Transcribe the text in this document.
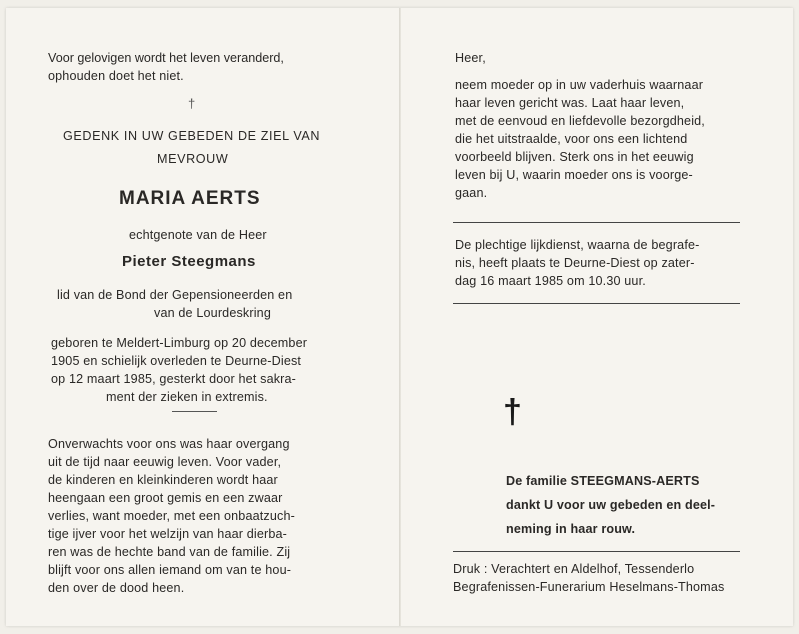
Voor gelovigen wordt het leven veranderd,
ophouden doet het niet.
†
GEDENK IN UW GEBEDEN DE ZIEL VAN
MEVROUW
MARIA AERTS
echtgenote van de Heer
Pieter Steegmans
lid van de Bond der Gepensioneerden en
van de Lourdeskring
geboren te Meldert-Limburg op 20 december
1905 en schielijk overleden te Deurne-Diest
op 12 maart 1985, gesterkt door het sakra-
ment der zieken in extremis.
Onverwachts voor ons was haar overgang
uit de tijd naar eeuwig leven. Voor vader,
de kinderen en kleinkinderen wordt haar
heengaan een groot gemis en een zwaar
verlies, want moeder, met een onbaatzuch-
tige ijver voor het welzijn van haar dierba-
ren was de hechte band van de familie. Zij
blijft voor ons allen iemand om van te hou-
den over de dood heen.
Heer,
neem moeder op in uw vaderhuis waarnaar
haar leven gericht was. Laat haar leven,
met de eenvoud en liefdevolle bezorgdheid,
die het uitstraalde, voor ons een lichtend
voorbeeld blijven. Sterk ons in het eeuwig
leven bij U, waarin moeder ons is voorge-
gaan.
De plechtige lijkdienst, waarna de begrafe-
nis, heeft plaats te Deurne-Diest op zater-
dag 16 maart 1985 om 10.30 uur.
†
De familie STEEGMANS-AERTS
dankt U voor uw gebeden en deel-
neming in haar rouw.
Druk : Verachtert en Aldelhof, Tessenderlo
Begrafenissen-Funerarium Heselmans-Thomas
